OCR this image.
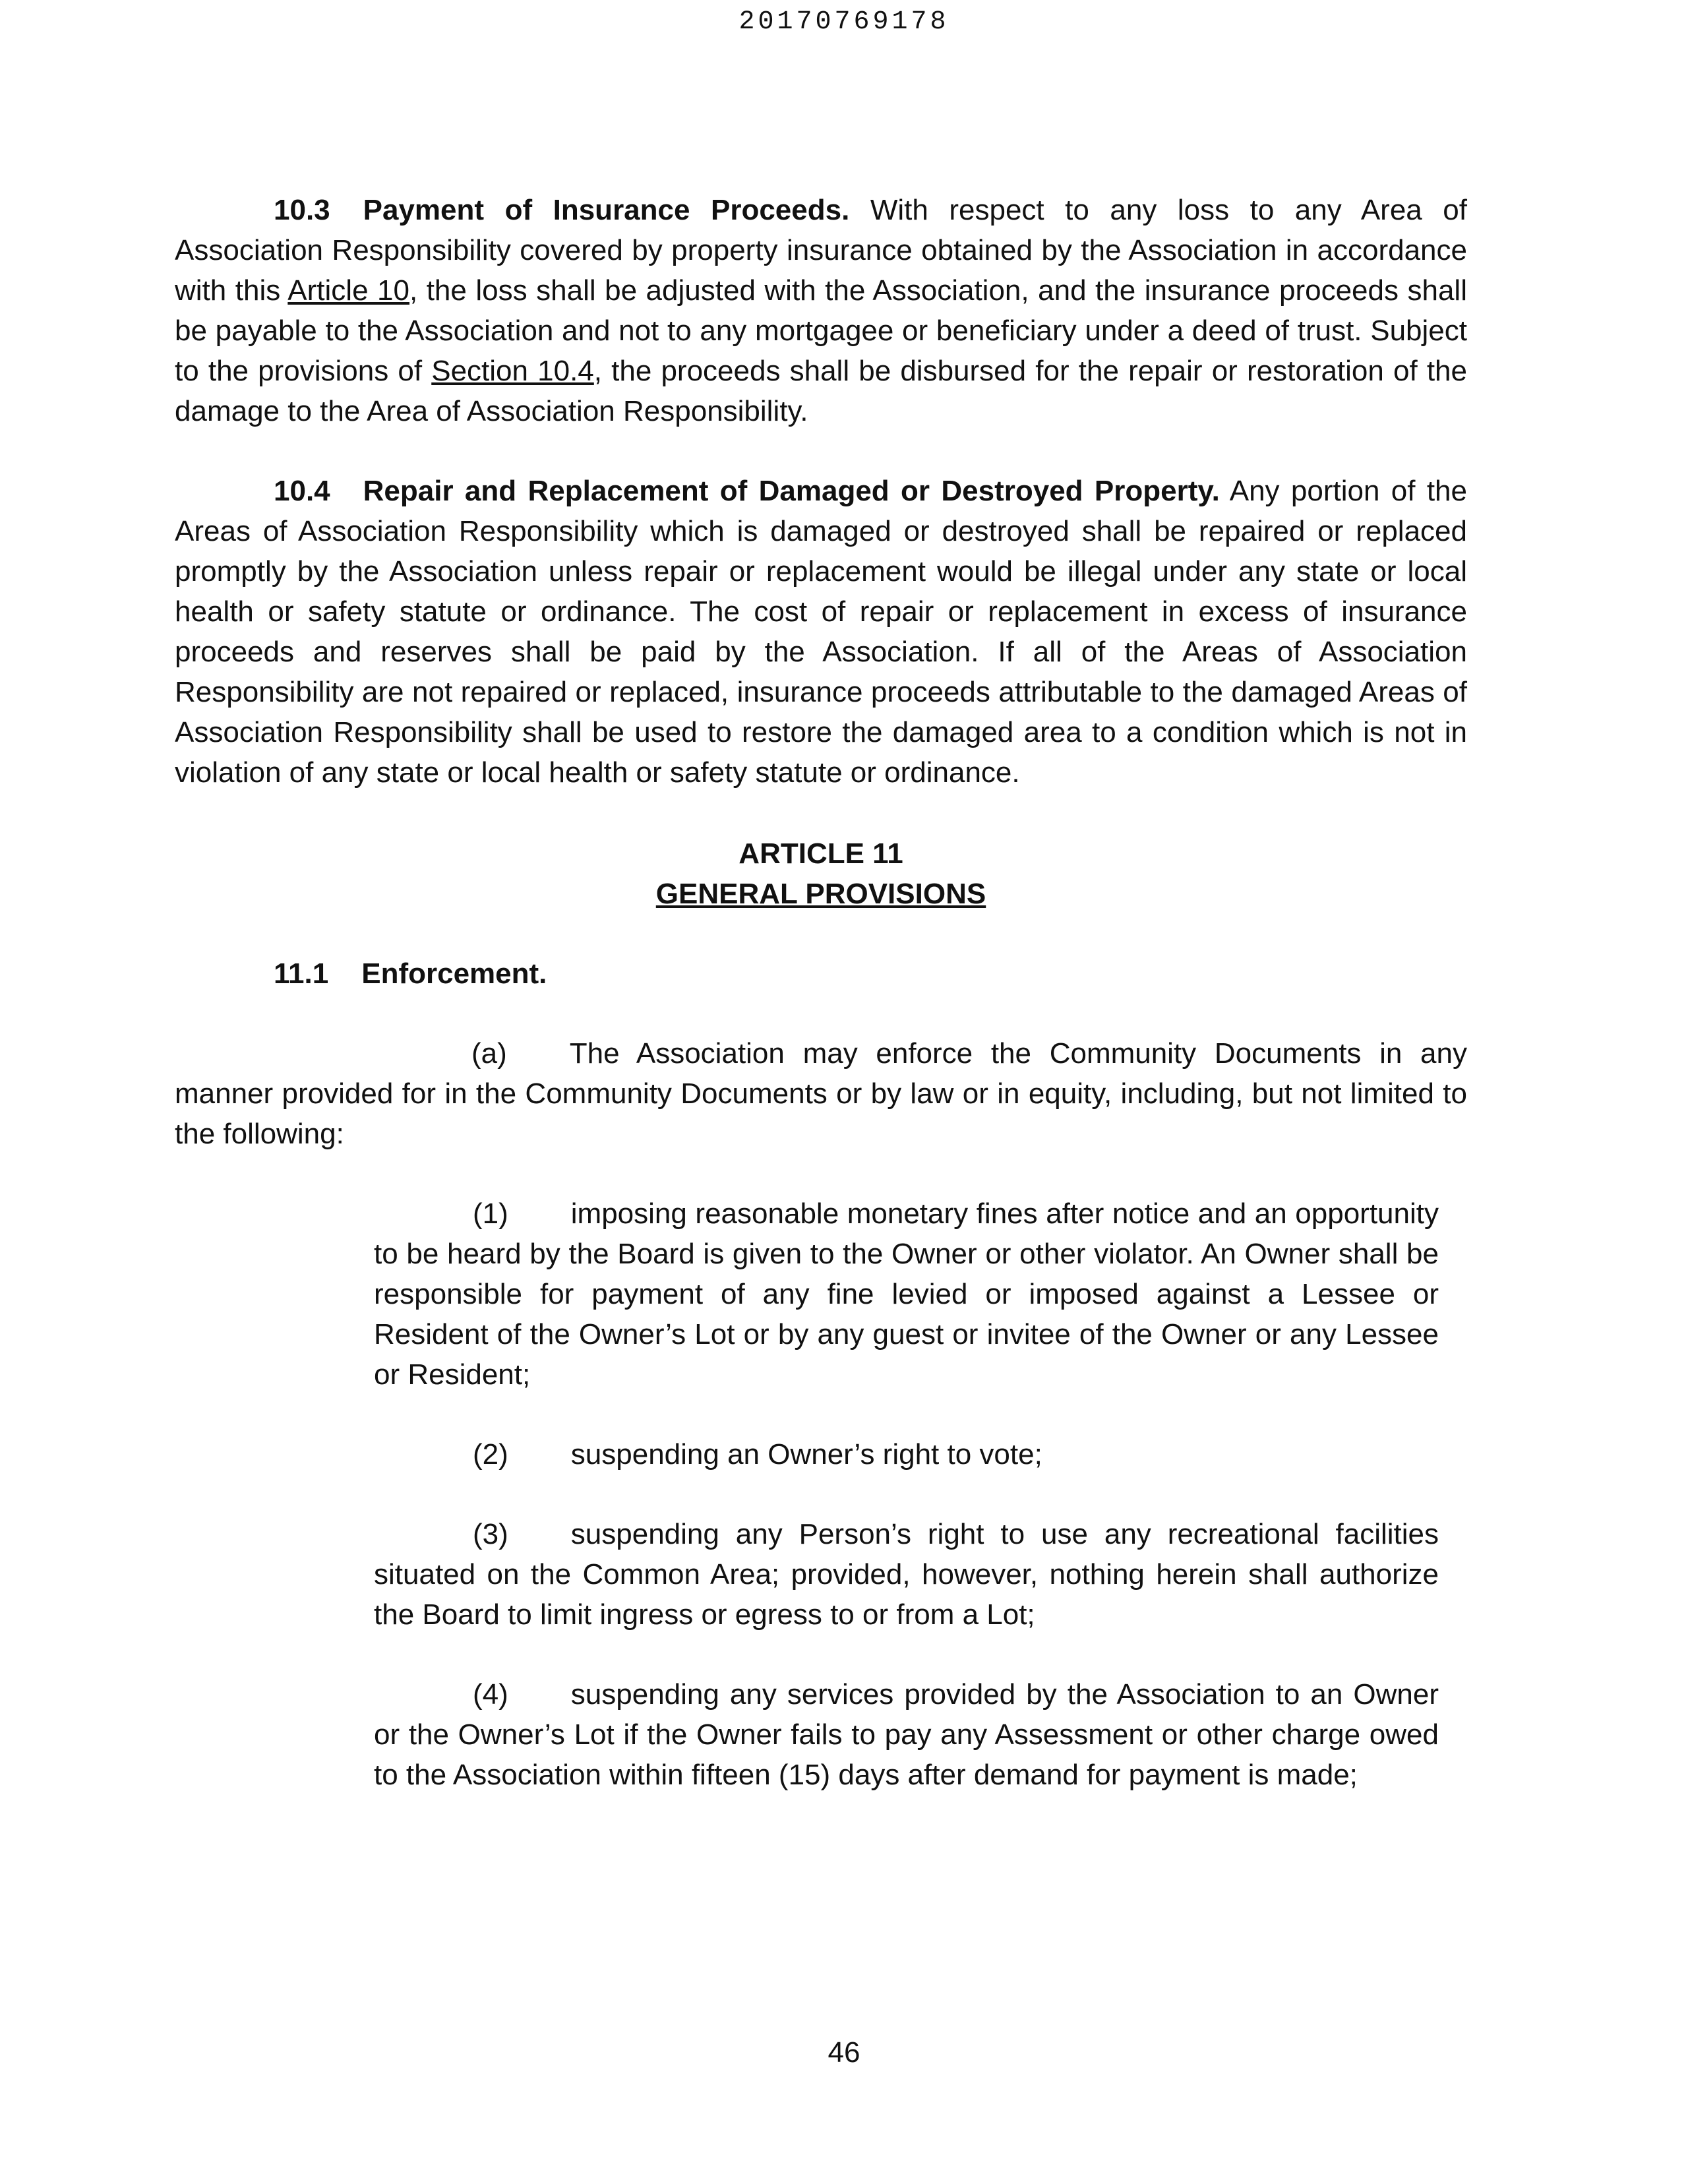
20170769178

10.3 Payment of Insurance Proceeds. With respect to any loss to any Area of Association Responsibility covered by property insurance obtained by the Association in accordance with this Article 10, the loss shall be adjusted with the Association, and the insurance proceeds shall be payable to the Association and not to any mortgagee or beneficiary under a deed of trust. Subject to the provisions of Section 10.4, the proceeds shall be disbursed for the repair or restoration of the damage to the Area of Association Responsibility.

10.4 Repair and Replacement of Damaged or Destroyed Property. Any portion of the Areas of Association Responsibility which is damaged or destroyed shall be repaired or replaced promptly by the Association unless repair or replacement would be illegal under any state or local health or safety statute or ordinance. The cost of repair or replacement in excess of insurance proceeds and reserves shall be paid by the Association. If all of the Areas of Association Responsibility are not repaired or replaced, insurance proceeds attributable to the damaged Areas of Association Responsibility shall be used to restore the damaged area to a condition which is not in violation of any state or local health or safety statute or ordinance.

ARTICLE 11
GENERAL PROVISIONS
11.1 Enforcement.

(a) The Association may enforce the Community Documents in any manner provided for in the Community Documents or by law or in equity, including, but not limited to the following:

(1) imposing reasonable monetary fines after notice and an opportunity to be heard by the Board is given to the Owner or other violator. An Owner shall be responsible for payment of any fine levied or imposed against a Lessee or Resident of the Owner’s Lot or by any guest or invitee of the Owner or any Lessee or Resident;

(2) suspending an Owner’s right to vote;

(3) suspending any Person’s right to use any recreational facilities situated on the Common Area; provided, however, nothing herein shall authorize the Board to limit ingress or egress to or from a Lot;

(4) suspending any services provided by the Association to an Owner or the Owner’s Lot if the Owner fails to pay any Assessment or other charge owed to the Association within fifteen (15) days after demand for payment is made;

46
